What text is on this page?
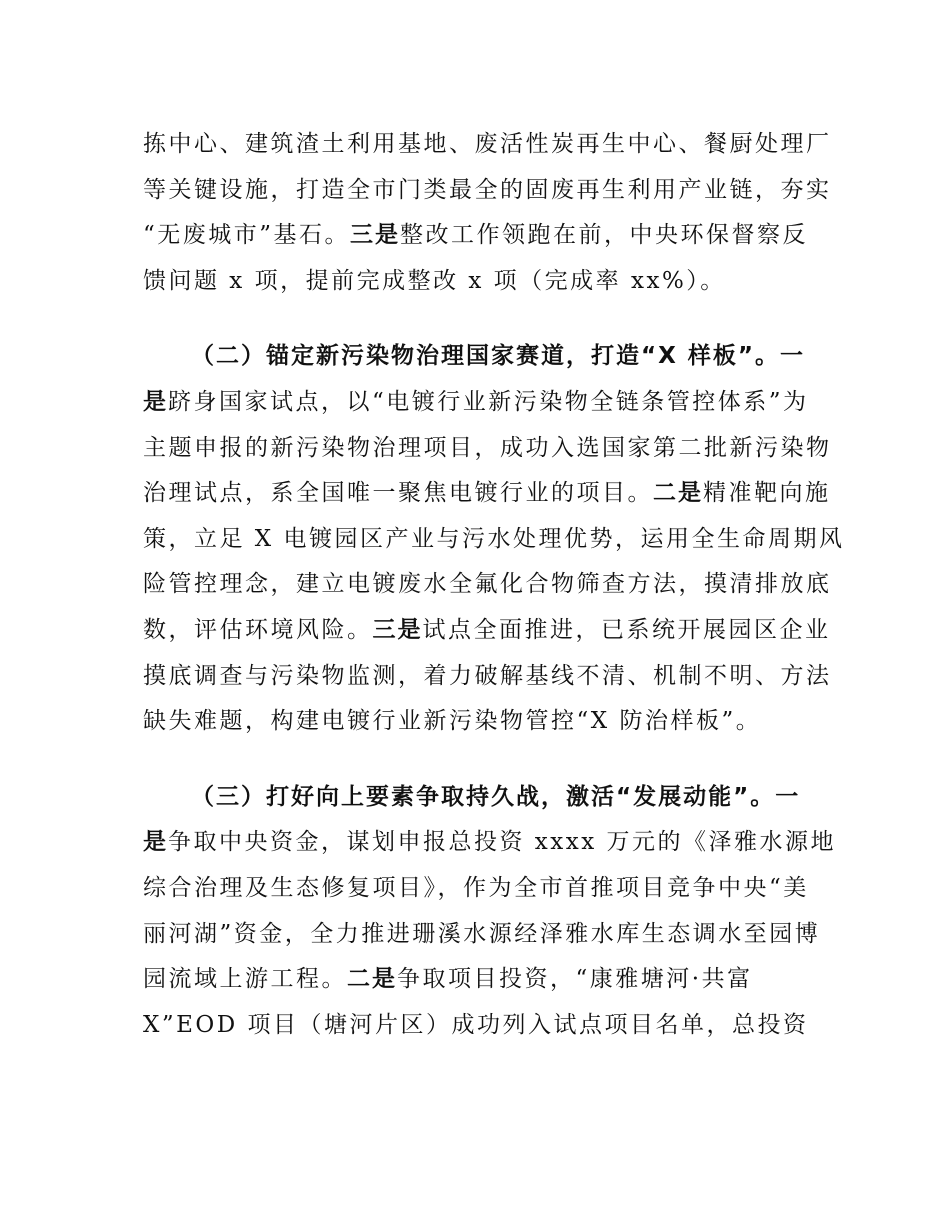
拣中心、建筑渣土利用基地、废活性炭再生中心、餐厨处理厂
等关键设施，打造全市门类最全的固废再生利用产业链，夯实
“无废城市”基石。三是整改工作领跑在前，中央环保督察反
馈问题 x 项，提前完成整改 x 项（完成率 xx%）。
（二）锚定新污染物治理国家赛道，打造“X 样板”。一
是跻身国家试点，以“电镀行业新污染物全链条管控体系”为
主题申报的新污染物治理项目，成功入选国家第二批新污染物
治理试点，系全国唯一聚焦电镀行业的项目。二是精准靶向施
策，立足 X 电镀园区产业与污水处理优势，运用全生命周期风
险管控理念，建立电镀废水全氟化合物筛查方法，摸清排放底
数，评估环境风险。三是试点全面推进，已系统开展园区企业
摸底调查与污染物监测，着力破解基线不清、机制不明、方法
缺失难题，构建电镀行业新污染物管控“X 防治样板”。
（三）打好向上要素争取持久战，激活“发展动能”。一
是争取中央资金，谋划申报总投资 xxxx 万元的《泽雅水源地
综合治理及生态修复项目》，作为全市首推项目竞争中央“美
丽河湖”资金，全力推进珊溪水源经泽雅水库生态调水至园博
园流域上游工程。二是争取项目投资，“康雅塘河·共富
X”EOD 项目（塘河片区）成功列入试点项目名单，总投资
